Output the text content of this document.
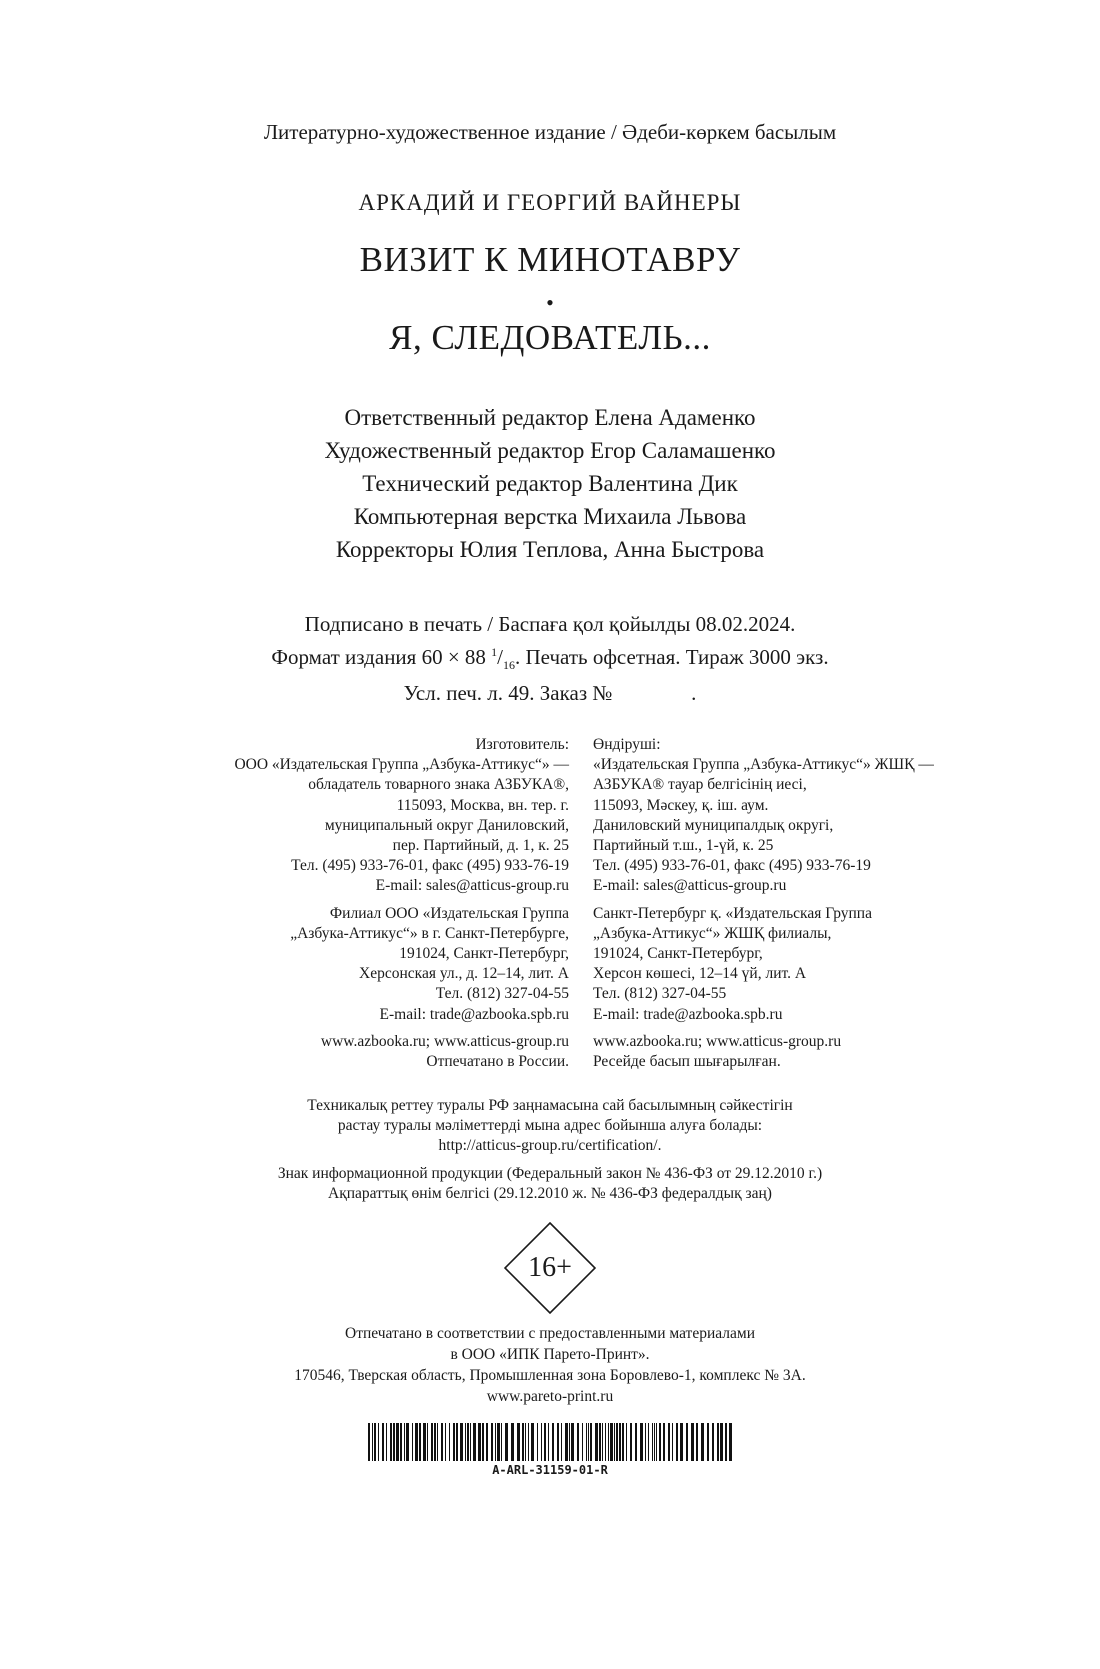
Литературно-художественное издание / Әдеби-көркем басылым
АРКАДИЙ И ГЕОРГИЙ ВАЙНЕРЫ
ВИЗИТ К МИНОТАВРУ
•
Я, СЛЕДОВАТЕЛЬ...
Ответственный редактор Елена Адаменко
Художественный редактор Егор Саламашенко
Технический редактор Валентина Дик
Компьютерная верстка Михаила Львова
Корректоры Юлия Теплова, Анна Быстрова
Подписано в печать / Баспаға қол қойылды 08.02.2024.
Формат издания 60 × 88 $^1/_{16}$. Печать офсетная. Тираж 3000 экз.
Усл. печ. л. 49. Заказ №               .
Изготовитель:
ООО «Издательская Группа „Азбука-Аттикус“» —
обладатель товарного знака АЗБУКА®,
115093, Москва, вн. тер. г.
муниципальный округ Даниловский,
пер. Партийный, д. 1, к. 25
Тел. (495) 933-76-01, факс (495) 933-76-19
E-mail: sales@atticus-group.ru
Филиал ООО «Издательская Группа
„Азбука-Аттикус“» в г. Санкт-Петербурге,
191024, Санкт-Петербург,
Херсонская ул., д. 12–14, лит. А
Тел. (812) 327-04-55
E-mail: trade@azbooka.spb.ru
www.azbooka.ru; www.atticus-group.ru
Отпечатано в России.
Өндіруші:
«Издательская Группа „Азбука-Аттикус“» ЖШҚ —
АЗБУКА® тауар белгісінің иесі,
115093, Мәскеу, қ. іш. аум.
Даниловский муниципалдық округі,
Партийный т.ш., 1-үй, к. 25
Тел. (495) 933-76-01, факс (495) 933-76-19
E-mail: sales@atticus-group.ru
Санкт-Петербург қ. «Издательская Группа
„Азбука-Аттикус“» ЖШҚ филиалы,
191024, Санкт-Петербург,
Херсон көшесі, 12–14 үй, лит. А
Тел. (812) 327-04-55
E-mail: trade@azbooka.spb.ru
www.azbooka.ru; www.atticus-group.ru
Ресейде басып шығарылған.
Техникалық реттеу туралы РФ заңнамасына сай басылымның сәйкестігін
растау туралы мәліметтерді мына адрес бойынша алуға болады:
http://atticus-group.ru/certification/.
Знак информационной продукции (Федеральный закон № 436-ФЗ от 29.12.2010 г.)
Ақпараттық өнім белгісі (29.12.2010 ж. № 436-ФЗ федералдық заң)
16+
Отпечатано в соответствии с предоставленными материалами
в ООО «ИПК Парето-Принт».
170546, Тверская область, Промышленная зона Боровлево-1, комплекс № 3А.
www.pareto-print.ru
A-ARL-31159-01-R
